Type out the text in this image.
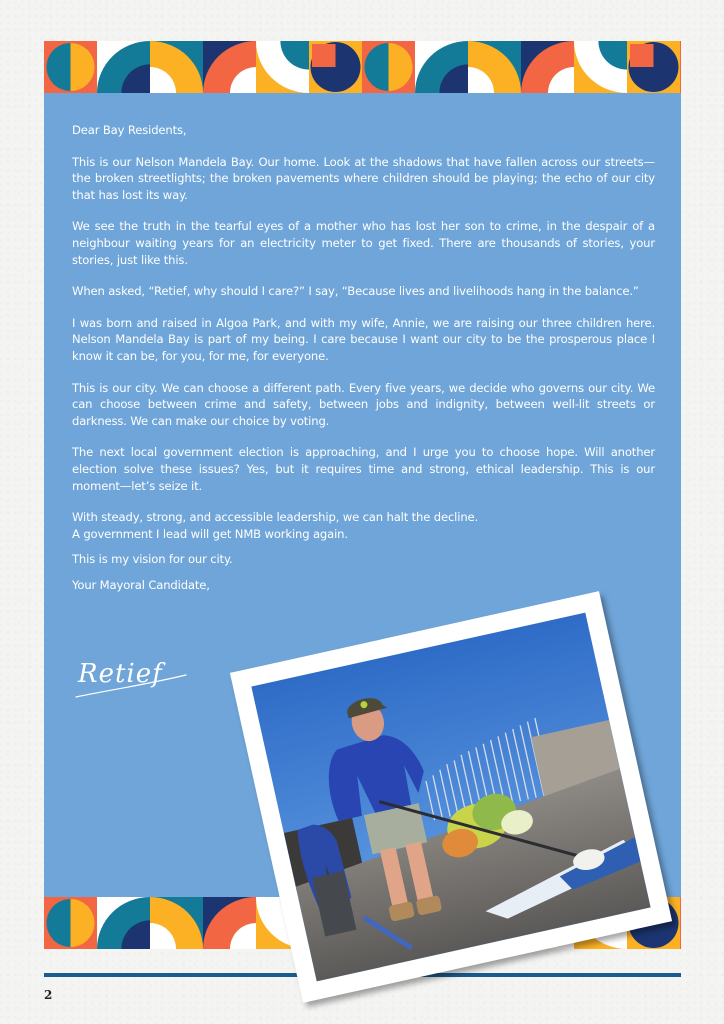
Dear Bay Residents,

This is our Nelson Mandela Bay. Our home. Look at the shadows that have fallen across our streets—the broken streetlights; the broken pavements where children should be playing; the echo of our city that has lost its way.

We see the truth in the tearful eyes of a mother who has lost her son to crime, in the despair of a neighbour waiting years for an electricity meter to get fixed. There are thousands of stories, your stories, just like this.

When asked, “Retief, why should I care?” I say, “Because lives and livelihoods hang in the balance.”

I was born and raised in Algoa Park, and with my wife, Annie, we are raising our three children here. Nelson Mandela Bay is part of my being. I care because I want our city to be the prosperous place I know it can be, for you, for me, for everyone.

This is our city. We can choose a different path. Every five years, we decide who governs our city. We can choose between crime and safety, between jobs and indignity, between well-lit streets or darkness. We can make our choice by voting.

The next local government election is approaching, and I urge you to choose hope. Will another election solve these issues? Yes, but it requires time and strong, ethical leadership. This is our moment—let’s seize it.

With steady, strong, and accessible leadership, we can halt the decline.
A government I lead will get NMB working again.

This is my vision for our city.

Your Mayoral Candidate,

Retief
2
